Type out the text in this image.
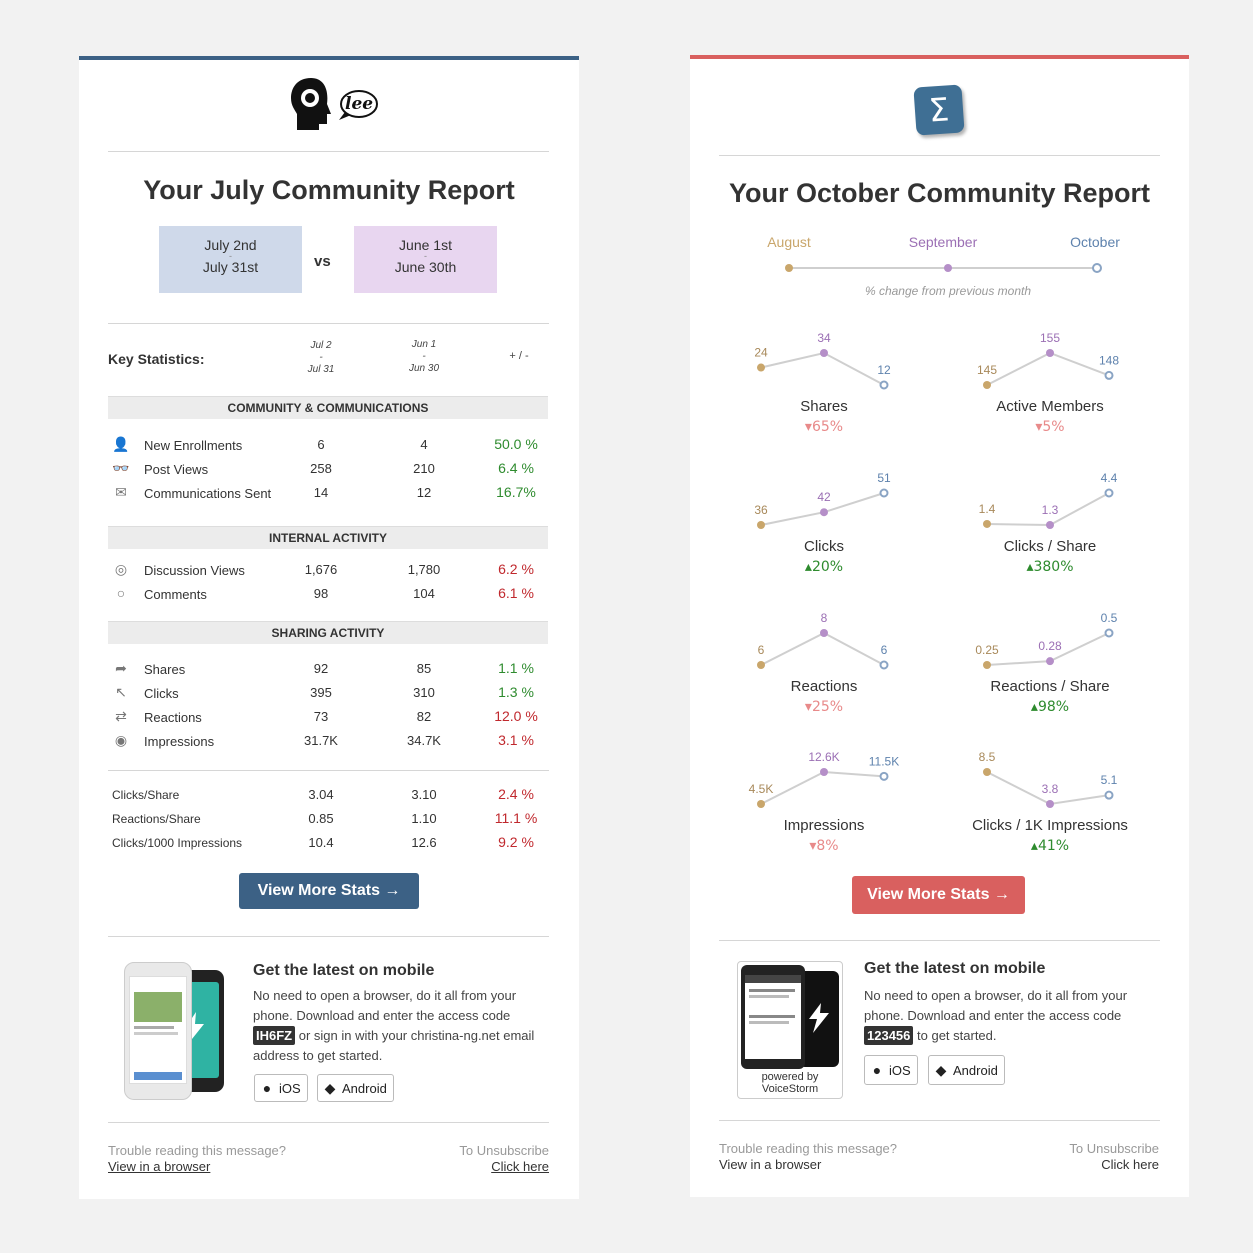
lee
Your July Community Report
July 2nd
-
July 31st	vs
June 1st
-
June 30th
Key Statistics:
Jul 2
-
Jul 31
Jun 1
-
Jun 30
+ / -
COMMUNITY & COMMUNICATIONS
👤 New Enrollments	6	4	50.0 %
👓 Post Views	258	210	6.4 %
✉ Communications Sent	14	12	16.7%
INTERNAL ACTIVITY
◎ Discussion Views	1,676	1,780	6.2 %
○	Comments	98	104	6.1 %
SHARING ACTIVITY
➦ Shares	92	85	1.1 %
↖ Clicks	395	310	1.3 %
⇄ Reactions	73	82	12.0 %
◉ Impressions	31.7K	34.7K	3.1 %
Clicks/Share	3.04	3.10	2.4 %
Reactions/Share	0.85	1.10	11.1 %
Clicks/1000 Impressions	10.4	12.6	9.2 %
View More Stats →
Get the latest on mobile
No need to open a browser, do it all from your phone. Download and enter the access code IH6FZ or sign in with your christina-ng.net email address to get started.
● iOS	◆ Android
Trouble reading this message?
View in a browser
To Unsubscribe
Click here
Σ
Your October Community Report
August	September	October
% change from previous month
24
34
12
Shares
▾65%
145
155
148
Active Members
▾5%
36
42
51
Clicks
▴20%
1.4	1.3
4.4
Clicks / Share
▴380%
6
8
6
Reactions
▾25%
0.25	0.28
0.5
Reactions / Share
▴98%
4.5K
12.6K 11.5K
Impressions
▾8%
8.5
3.8
5.1
Clicks / 1K Impressions
▴41%
View More Stats →
powered by
VoiceStorm
Get the latest on mobile
No need to open a browser, do it all from your phone. Download and enter the access code 123456 to get started.
● iOS	◆ Android
Trouble reading this message?
View in a browser
To Unsubscribe
Click here
